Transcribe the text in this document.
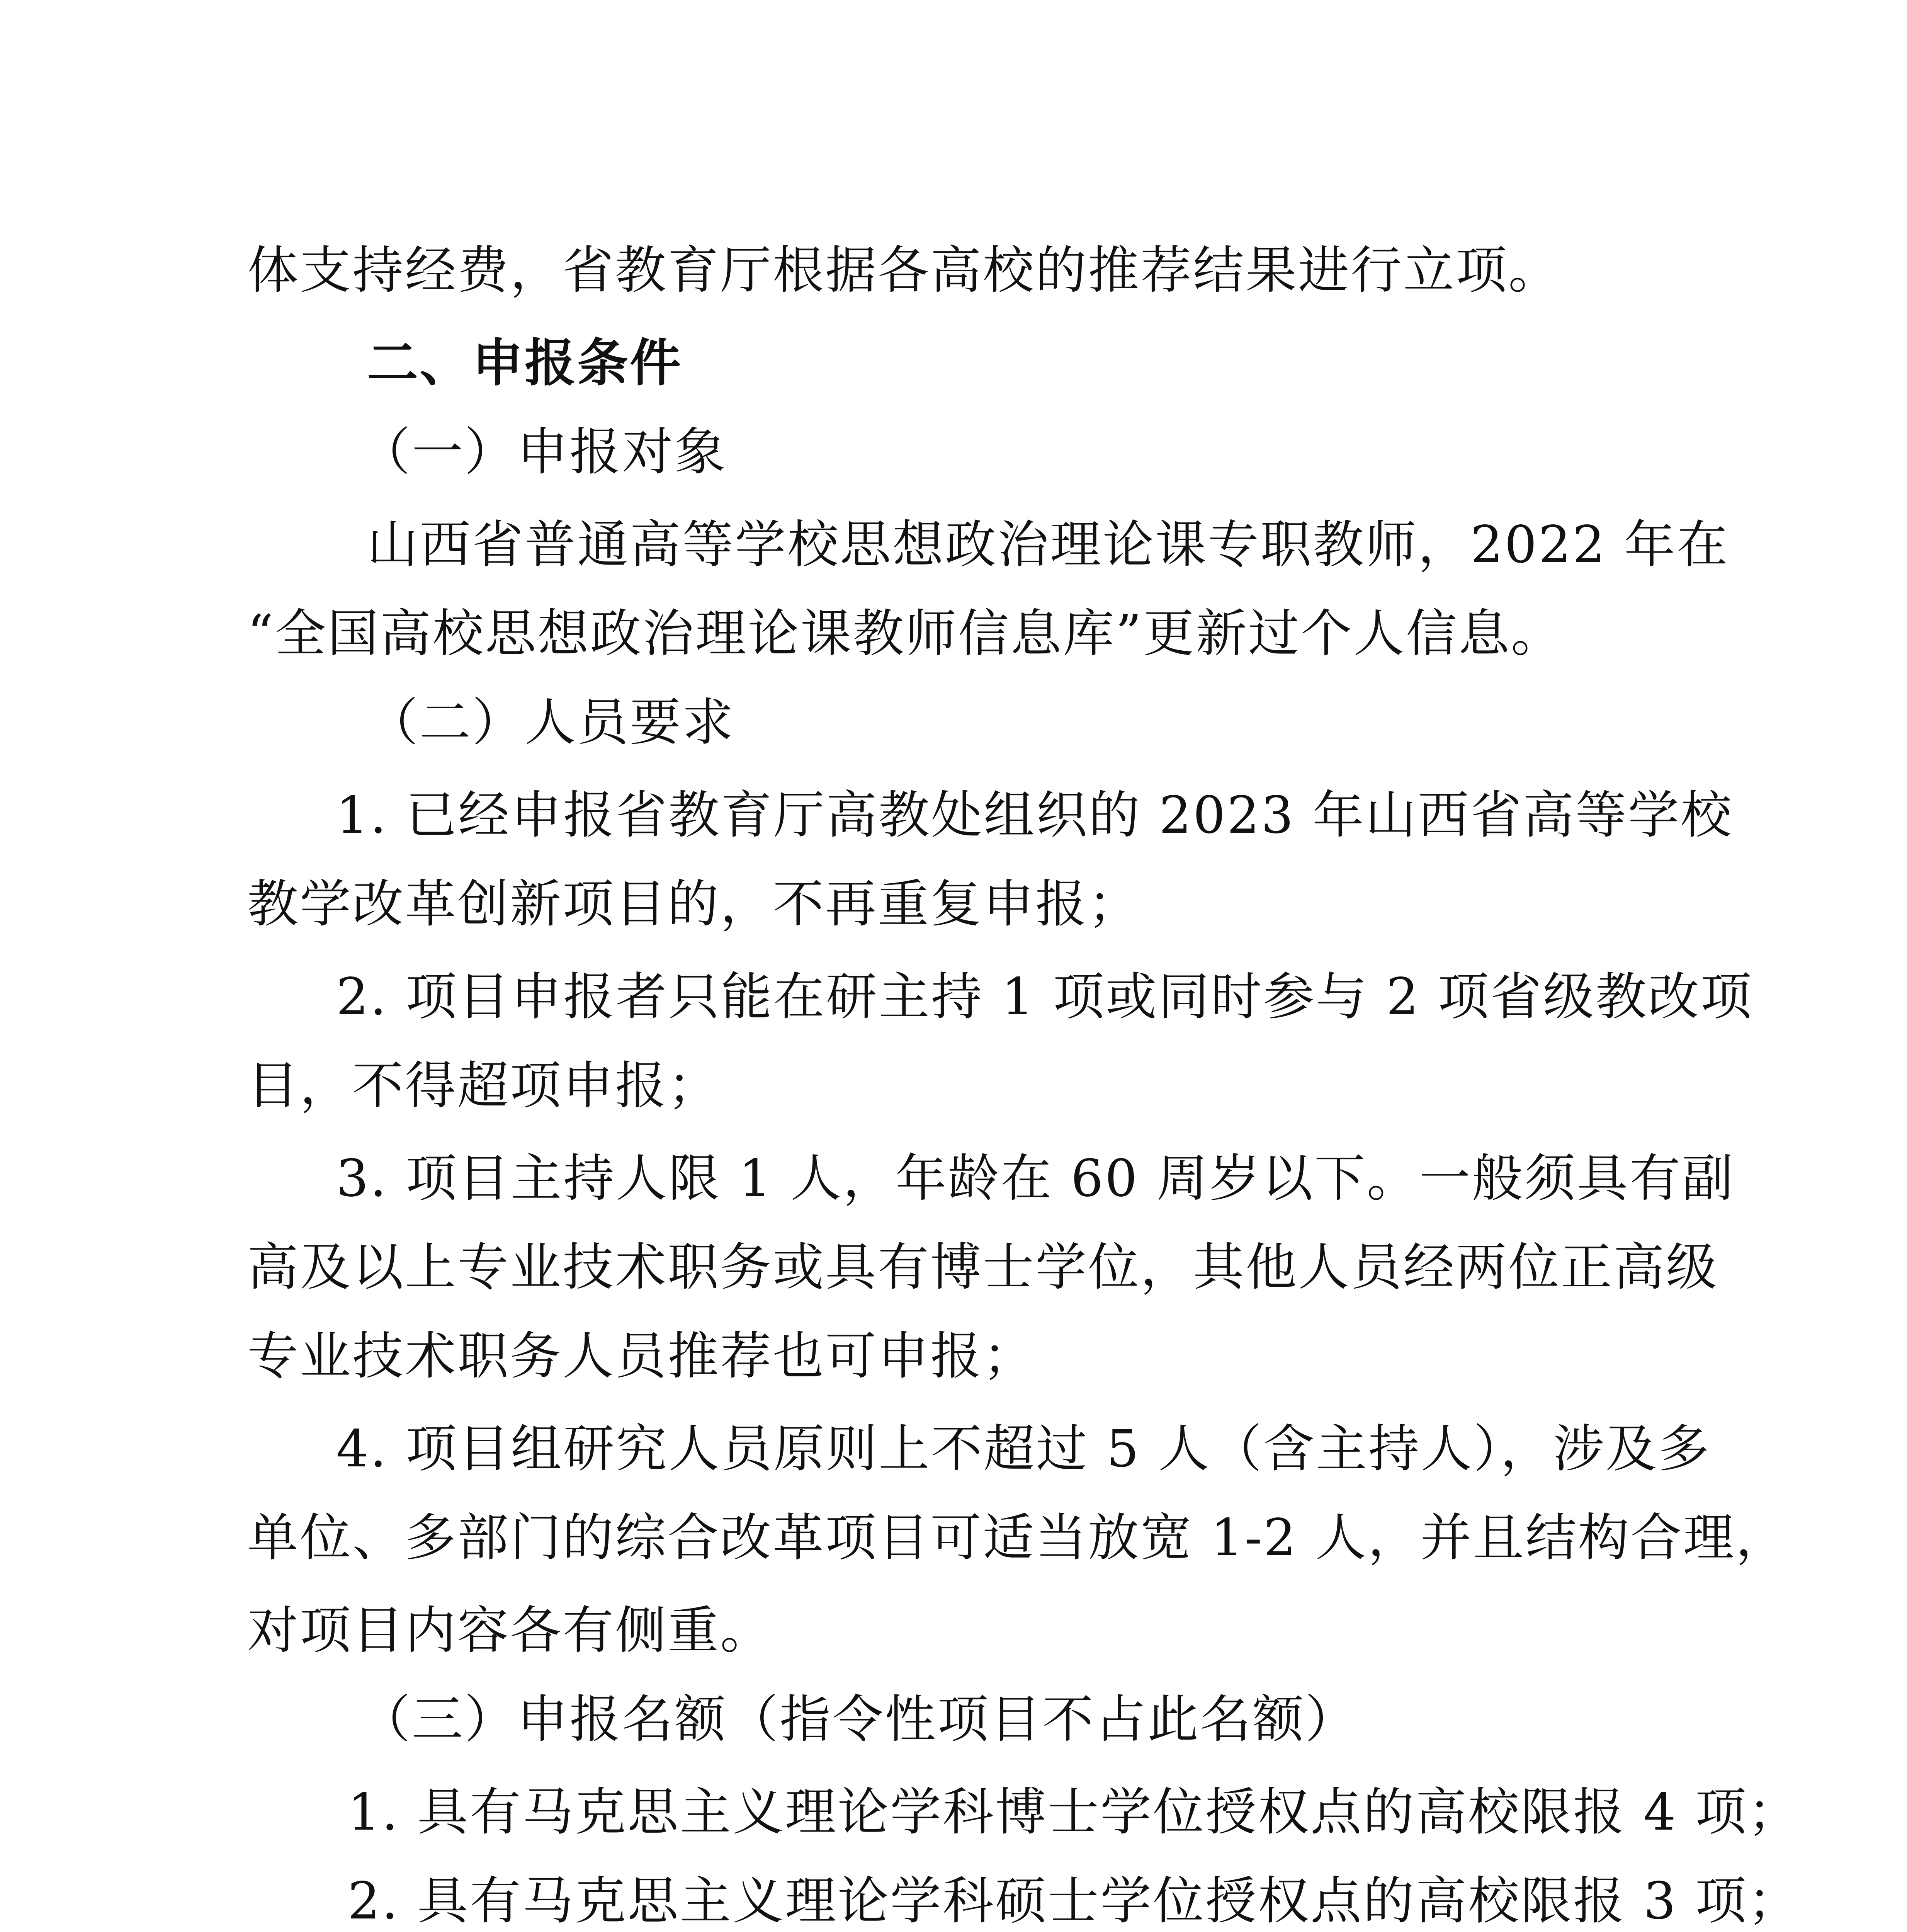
体支持经费，省教育厅根据各高校的推荐结果进行立项。
二、申报条件
（一）申报对象
山西省普通高等学校思想政治理论课专职教师，2022 年在
“全国高校思想政治理论课教师信息库”更新过个人信息。
（二）人员要求
1. 已经申报省教育厅高教处组织的 2023 年山西省高等学校
教学改革创新项目的，不再重复申报；
2. 项目申报者只能在研主持 1 项或同时参与 2 项省级教改项
目，不得超项申报；
3. 项目主持人限 1 人，年龄在 60 周岁以下。一般须具有副
高及以上专业技术职务或具有博士学位，其他人员经两位正高级
专业技术职务人员推荐也可申报；
4. 项目组研究人员原则上不超过 5 人（含主持人），涉及多
单位、多部门的综合改革项目可适当放宽 1-2 人，并且结构合理，
对项目内容各有侧重。
（三）申报名额（指令性项目不占此名额）
1. 具有马克思主义理论学科博士学位授权点的高校限报 4 项；
2. 具有马克思主义理论学科硕士学位授权点的高校限报 3 项；
